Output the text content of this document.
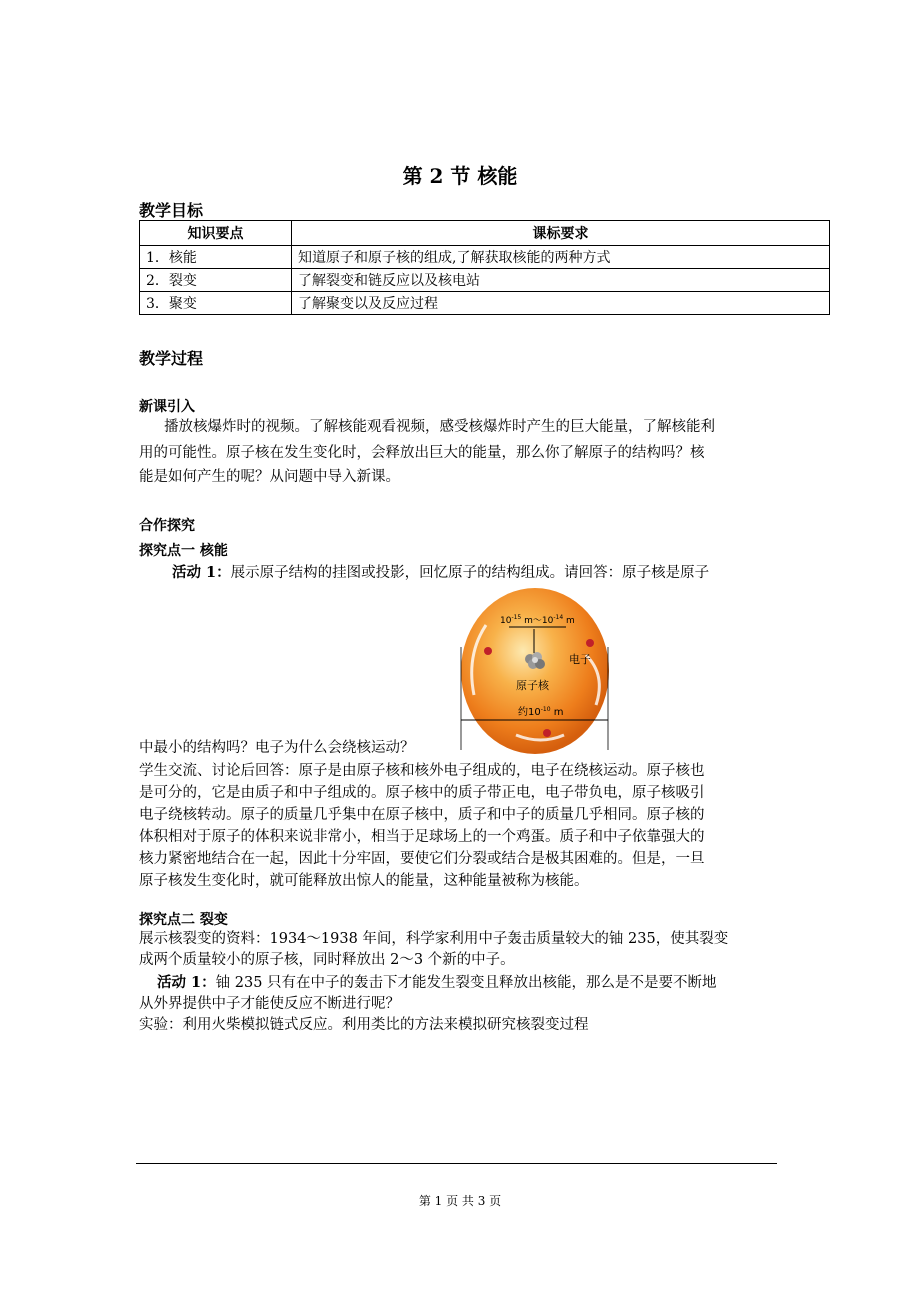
第 2 节 核能
教学目标
知识要点	课标要求
1．核能	知道原子和原子核的组成,了解获取核能的两种方式
2．裂变	了解裂变和链反应以及核电站
3．聚变	了解聚变以及反应过程
教学过程
新课引入
播放核爆炸时的视频。了解核能观看视频，感受核爆炸时产生的巨大能量，了解核能利
用的可能性。原子核在发生变化时，会释放出巨大的能量，那么你了解原子的结构吗？核
能是如何产生的呢？从问题中导入新课。
合作探究
探究点一 核能
活动 1：展示原子结构的挂图或投影，回忆原子的结构组成。请回答：原子核是原子
$10^{-15}$ $m\sim 10^{-14}$ m
电子
原子核
约$10^{-10}$ m
中最小的结构吗？电子为什么会绕核运动？
学生交流、讨论后回答：原子是由原子核和核外电子组成的，电子在绕核运动。原子核也
是可分的，它是由质子和中子组成的。原子核中的质子带正电，电子带负电，原子核吸引
电子绕核转动。原子的质量几乎集中在原子核中，质子和中子的质量几乎相同。原子核的
体积相对于原子的体积来说非常小，相当于足球场上的一个鸡蛋。质子和中子依靠强大的
核力紧密地结合在一起，因此十分牢固，要使它们分裂或结合是极其困难的。但是，一旦
原子核发生变化时，就可能释放出惊人的能量，这种能量被称为核能。
探究点二 裂变
展示核裂变的资料：1934～1938 年间，科学家利用中子轰击质量较大的铀 235，使其裂变
成两个质量较小的原子核，同时释放出 2～3 个新的中子。
活动 1：铀 235 只有在中子的轰击下才能发生裂变且释放出核能，那么是不是要不断地
从外界提供中子才能使反应不断进行呢？
实验：利用火柴模拟链式反应。利用类比的方法来模拟研究核裂变过程
第 1 页 共 3 页
